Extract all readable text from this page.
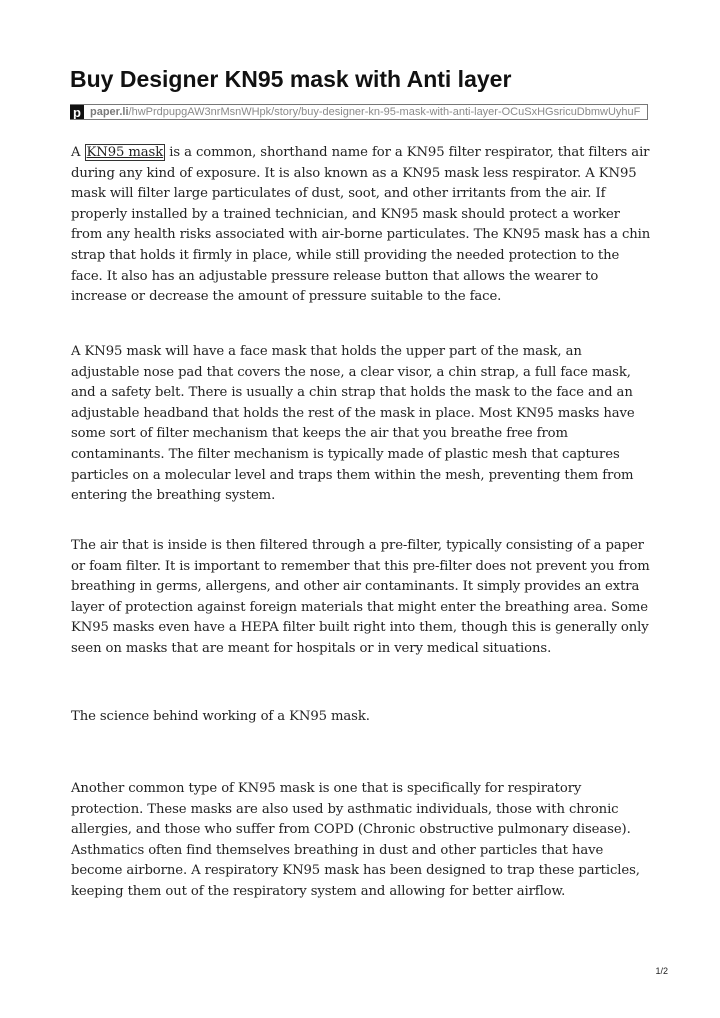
Buy Designer KN95 mask with Anti layer
p paper.li /hwPrdpupgAW3nrMsnWHpk/story/buy-designer-kn-95-mask-with-anti-layer-OCuSxHGsricuDbmwUyhuF

A KN95 mask is a common, shorthand name for a KN95 filter respirator, that filters air during any kind of exposure. It is also known as a KN95 mask less respirator. A KN95 mask will filter large particulates of dust, soot, and other irritants from the air. If properly installed by a trained technician, and KN95 mask should protect a worker from any health risks associated with air-borne particulates. The KN95 mask has a chin strap that holds it firmly in place, while still providing the needed protection to the face. It also has an adjustable pressure release button that allows the wearer to increase or decrease the amount of pressure suitable to the face.

A KN95 mask will have a face mask that holds the upper part of the mask, an adjustable nose pad that covers the nose, a clear visor, a chin strap, a full face mask, and a safety belt. There is usually a chin strap that holds the mask to the face and an adjustable headband that holds the rest of the mask in place. Most KN95 masks have some sort of filter mechanism that keeps the air that you breathe free from contaminants. The filter mechanism is typically made of plastic mesh that captures particles on a molecular level and traps them within the mesh, preventing them from entering the breathing system.

The air that is inside is then filtered through a pre-filter, typically consisting of a paper or foam filter. It is important to remember that this pre-filter does not prevent you from breathing in germs, allergens, and other air contaminants. It simply provides an extra layer of protection against foreign materials that might enter the breathing area. Some KN95 masks even have a HEPA filter built right into them, though this is generally only seen on masks that are meant for hospitals or in very medical situations.

The science behind working of a KN95 mask.

Another common type of KN95 mask is one that is specifically for respiratory protection. These masks are also used by asthmatic individuals, those with chronic allergies, and those who suffer from COPD (Chronic obstructive pulmonary disease). Asthmatics often find themselves breathing in dust and other particles that have become airborne. A respiratory KN95 mask has been designed to trap these particles, keeping them out of the respiratory system and allowing for better airflow.

1/2
